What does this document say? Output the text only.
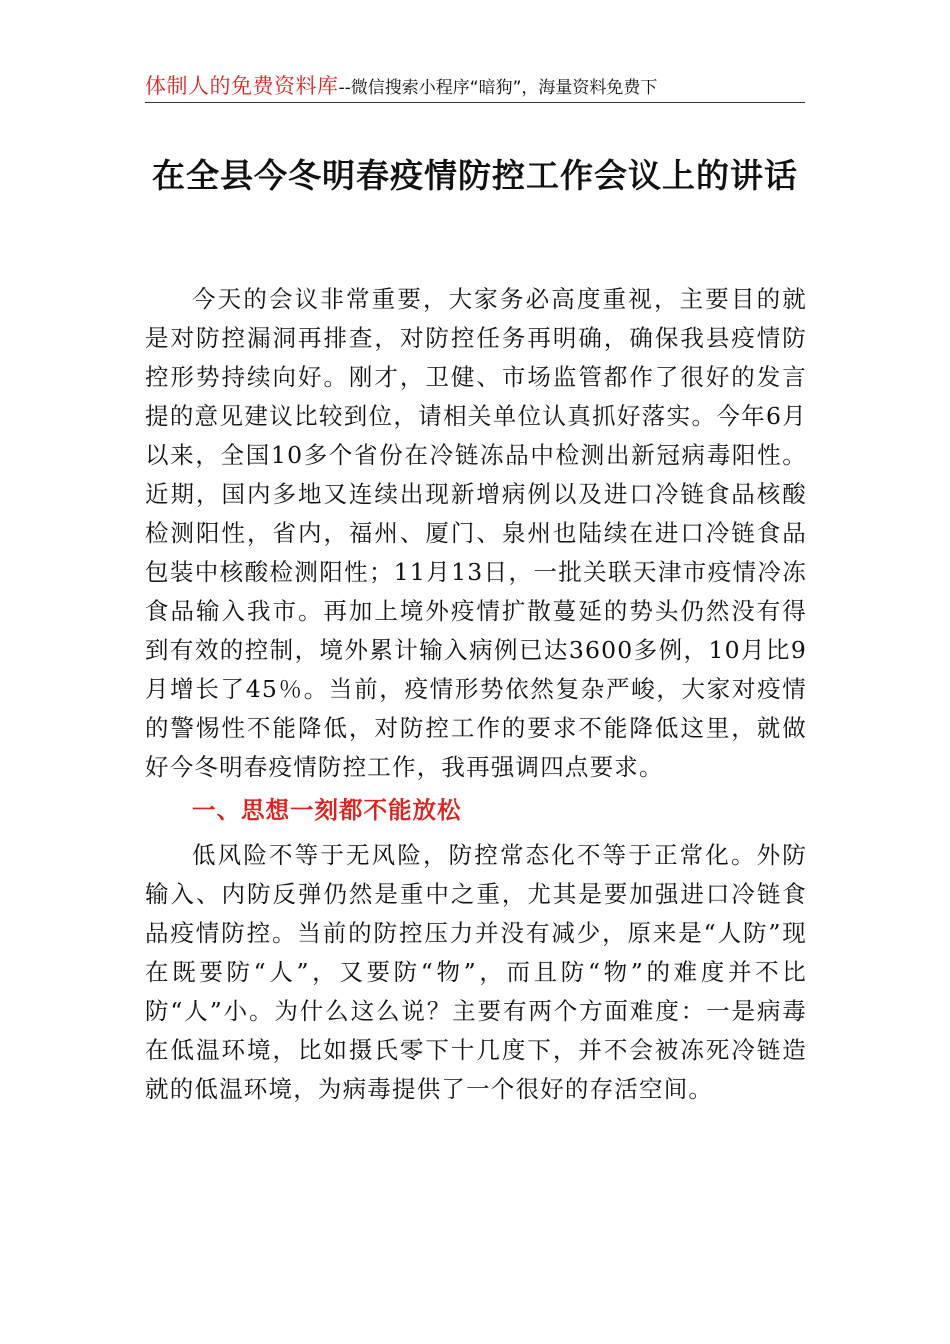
体制人的免费资料库--微信搜索小程序“暗狗”，海量资料免费下
在全县今冬明春疫情防控工作会议上的讲话

今天的会议非常重要，大家务必高度重视，主要目的就是对防控漏洞再排查，对防控任务再明确，确保我县疫情防控形势持续向好。刚才，卫健、市场监管都作了很好的发言提的意见建议比较到位，请相关单位认真抓好落实。今年6月以来，全国10多个省份在冷链冻品中检测出新冠病毒阳性。近期，国内多地又连续出现新增病例以及进口冷链食品核酸检测阳性，省内，福州、厦门、泉州也陆续在进口冷链食品包装中核酸检测阳性；11月13日，一批关联天津市疫情冷冻食品输入我市。再加上境外疫情扩散蔓延的势头仍然没有得到有效的控制，境外累计输入病例已达3600多例，10月比9月增长了45％。当前，疫情形势依然复杂严峻，大家对疫情的警惕性不能降低，对防控工作的要求不能降低这里，就做好今冬明春疫情防控工作，我再强调四点要求。

一、思想一刻都不能放松

低风险不等于无风险，防控常态化不等于正常化。外防输入、内防反弹仍然是重中之重，尤其是要加强进口冷链食品疫情防控。当前的防控压力并没有减少，原来是“人防”现在既要防“人”，又要防“物”，而且防“物”的难度并不比防“人”小。为什么这么说？主要有两个方面难度：一是病毒在低温环境，比如摄氏零下十几度下，并不会被冻死冷链造就的低温环境，为病毒提供了一个很好的存活空间。
